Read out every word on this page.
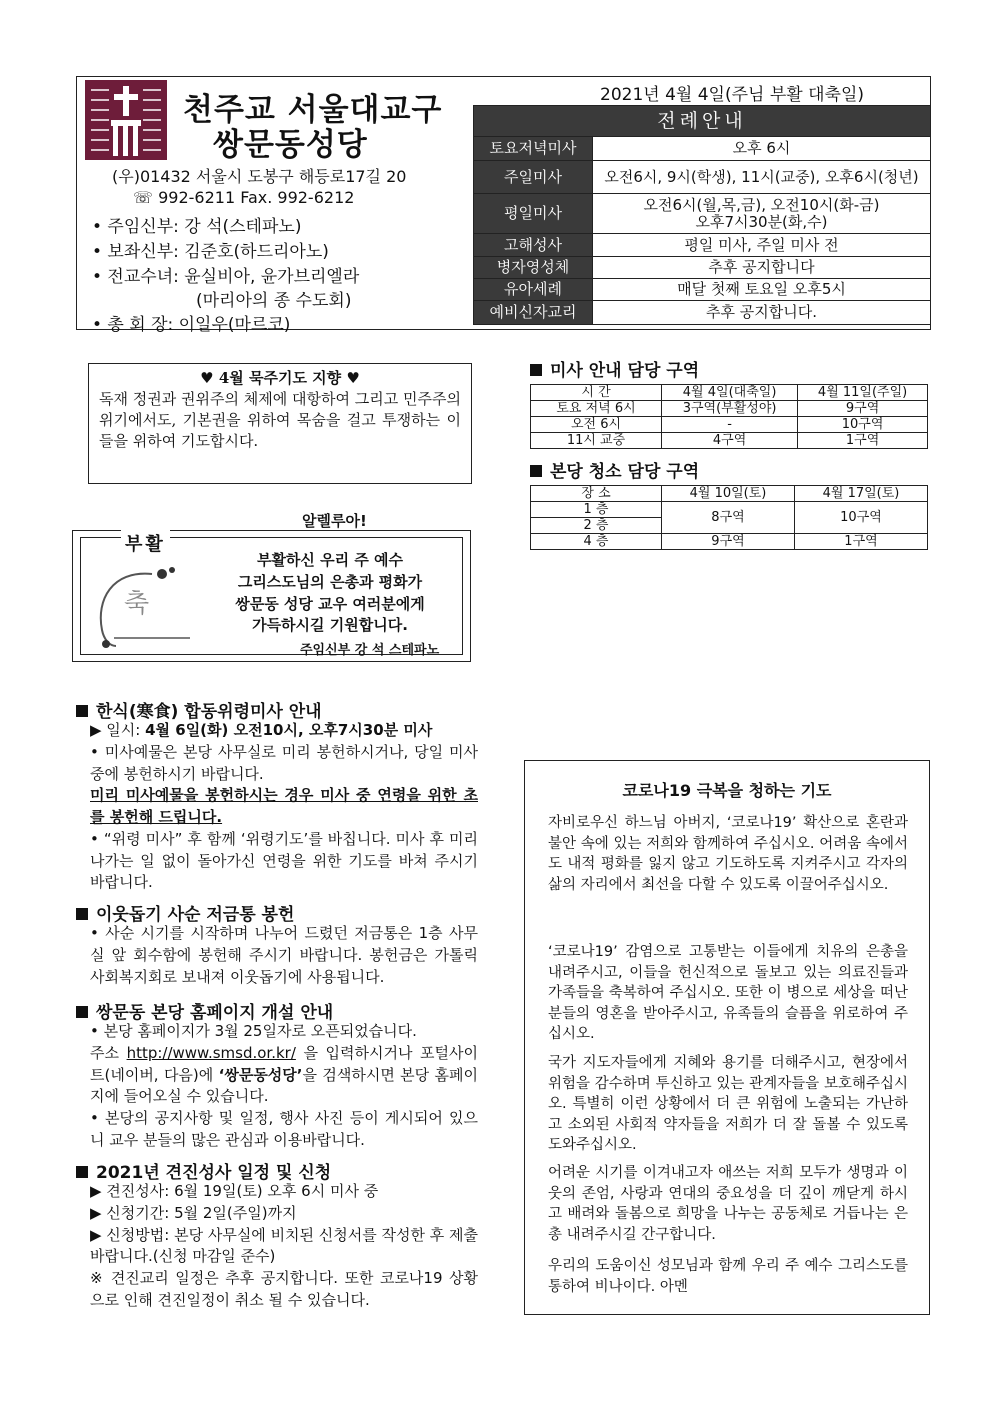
천주교 서울대교구
쌍문동성당
(우)01432 서울시 도봉구 해등로17길 20
☏ 992-6211 Fax. 992-6212
• 주임신부: 강 석(스테파노)
• 보좌신부: 김준호(하드리아노)
• 전교수녀: 윤실비아, 윤가브리엘라
(마리아의 종 수도회)
• 총 회 장: 이일우(마르코)
2021년 4월 4일(주님 부활 대축일)
전례안내	
토요저녁미사	오후 6시
주일미사	오전6시, 9시(학생), 11시(교중), 오후6시(청년)
평일미사	오전6시(월,목,금), 오전10시(화-금)
오후7시30분(화,수)

고해성사	평일 미사, 주일 미사 전
병자영성체	추후 공지합니다
유아세례	매달 첫째 토요일 오후5시
예비신자교리	추후 공지합니다.
♥ 4월 묵주기도 지향 ♥
독재 정권과 권위주의 체제에 대항하여 그리고 민주주의 위기에서도, 기본권을 위하여 목숨을 걸고 투쟁하는 이들을 위하여 기도합시다.
알렐루아!
부활
축
부활하신 우리 주 예수
그리스도님의 은총과 평화가
쌍문동 성당 교우 여러분에게
가득하시길 기원합니다.
주임신부 강 석 스테파노
미사 안내 담당 구역
시 간	4월 4일(대축일)	4월 11일(주일)
토요 저녁 6시	3구역(부활성야)	9구역
오전 6시	-	10구역
11시 교중	4구역	1구역
본당 청소 담당 구역
장 소	4월 10일(토)	4월 17일(토)
1 층	8구역	10구역
2 층		
4 층	9구역	1구역
한식(寒食) 합동위령미사 안내
▶ 일시: 4월 6일(화) 오전10시, 오후7시30분 미사
• 미사예물은 본당 사무실로 미리 봉헌하시거나, 당일 미사 중에 봉헌하시기 바랍니다.
미리 미사예물을 봉헌하시는 경우 미사 중 연령을 위한 초를 봉헌해 드립니다.
• “위령 미사” 후 함께 ‘위령기도’를 바칩니다. 미사 후 미리 나가는 일 없이 돌아가신 연령을 위한 기도를 바쳐 주시기 바랍니다.
이웃돕기 사순 저금통 봉헌
• 사순 시기를 시작하며 나누어 드렸던 저금통은 1층 사무실 앞 회수함에 봉헌해 주시기 바랍니다. 봉헌금은 가톨릭 사회복지회로 보내져 이웃돕기에 사용됩니다.
쌍문동 본당 홈페이지 개설 안내
• 본당 홈페이지가 3월 25일자로 오픈되었습니다.
주소 http://www.smsd.or.kr/ 을 입력하시거나 포털사이트(네이버, 다음)에 ‘쌍문동성당’을 검색하시면 본당 홈페이지에 들어오실 수 있습니다.
• 본당의 공지사항 및 일정, 행사 사진 등이 게시되어 있으니 교우 분들의 많은 관심과 이용바랍니다.
2021년 견진성사 일정 및 신청
▶ 견진성사: 6월 19일(토) 오후 6시 미사 중
▶ 신청기간: 5월 2일(주일)까지
▶ 신청방법: 본당 사무실에 비치된 신청서를 작성한 후 제출 바랍니다.(신청 마감일 준수)
※ 견진교리 일정은 추후 공지합니다. 또한 코로나19 상황으로 인해 견진일정이 취소 될 수 있습니다.
코로나19 극복을 청하는 기도
자비로우신 하느님 아버지, ‘코로나19’ 확산으로 혼란과 불안 속에 있는 저희와 함께하여 주십시오. 어려움 속에서도 내적 평화를 잃지 않고 기도하도록 지켜주시고 각자의 삶의 자리에서 최선을 다할 수 있도록 이끌어주십시오.
‘코로나19’ 감염으로 고통받는 이들에게 치유의 은총을 내려주시고, 이들을 헌신적으로 돌보고 있는 의료진들과 가족들을 축복하여 주십시오. 또한 이 병으로 세상을 떠난 분들의 영혼을 받아주시고, 유족들의 슬픔을 위로하여 주십시오.
국가 지도자들에게 지혜와 용기를 더해주시고, 현장에서 위험을 감수하며 투신하고 있는 관계자들을 보호해주십시오. 특별히 이런 상황에서 더 큰 위험에 노출되는 가난하고 소외된 사회적 약자들을 저희가 더 잘 돌볼 수 있도록 도와주십시오.
어려운 시기를 이겨내고자 애쓰는 저희 모두가 생명과 이웃의 존엄, 사랑과 연대의 중요성을 더 깊이 깨닫게 하시고 배려와 돌봄으로 희망을 나누는 공동체로 거듭나는 은총 내려주시길 간구합니다.
우리의 도움이신 성모님과 함께 우리 주 예수 그리스도를 통하여 비나이다. 아멘
